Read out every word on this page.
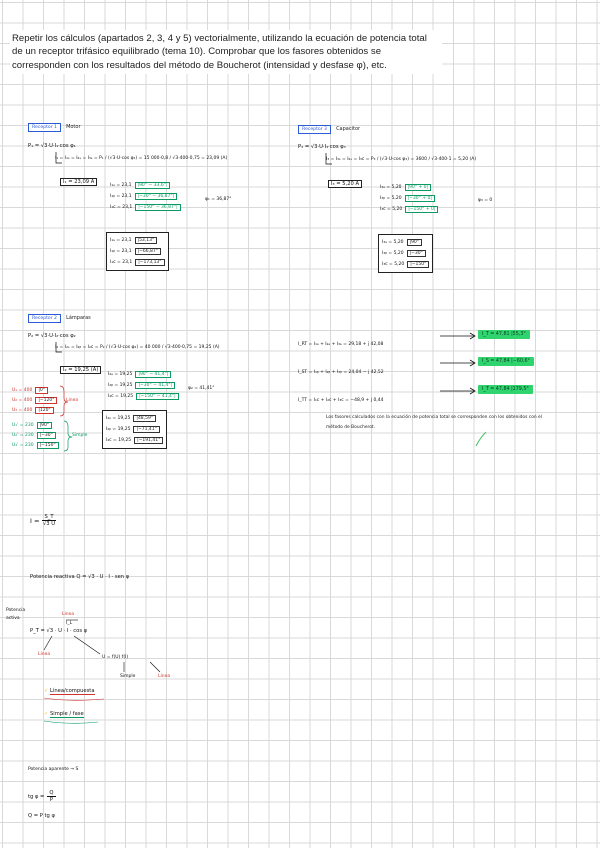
Repetir los cálculos (apartados 2, 3, 4 y 5) vectorialmente, utilizando la ecuación de potencia total de un receptor trifásico equilibrado (tema 10). Comprobar que los fasores obtenidos se corresponden con los resultados del método de Boucherot (intensidad y desfase φ), etc.
Receptor 1 Motor
P₁ = √3·U·I₁·cos φ₁
I₁ = I₁ₛ = I₂ₛ = I₃ₛ = P₁ / (√3·U·cos φ₁) = 15 000·0,8 / √3·400·0,75 = 23,09 (A)
I₁ = 23,09 A
I₁ₐ = 23,1	|90° − 33,6°|
I₁ᵦ = 23,1	|−30° − 36,87°|
I₁ᴄ = 23,1	|−150° − 36,87°|
φ₁ = 36,87°
I₁ₐ = 23,1	|53,13°
I₁ᵦ = 23,1	|−66,87°
I₁ᴄ = 23,1	|−173,13°
Receptor 3 Capacitor
P₃ = √3·U·I₃·cos φ₃
I₃ = I₃ₛ = I₂ₛ = I₃ᴄ = P₃ / (√3·U·cos φ₃) = 3600 / √3·400·1 = 5,20 (A)
I₃ = 5,20 A
I₃ₐ = 5,20	|90° + 0|
I₃ᵦ = 5,20	|−30° + 0|
I₃ᴄ = 5,20	|−150° + 0|
φ₃ = 0
I₃ₐ = 5,20	|90°
I₃ᵦ = 5,20	|−30°
I₃ᴄ = 5,20	|−150°
Receptor 2 Lámparas
P₂ = √3·U·I₂·cos φ₂
I₂ = I₂ₛ = I₂ᵦ = I₂ᴄ = P₂ / (√3·U·cos φ₂) = 40 000 / √3·400·0,75 = 19,25 (A)
I₂ = 19,25 (A)
I₂ₐ = 19,25	|90° − 41,4°|
I₂ᵦ = 19,25	|−30° − 41,4°|
I₂ᴄ = 19,25	|−150° − 41,4°|
φ₂ = 41,41°
I₂ₐ = 19,25	|48,59°
I₂ᵦ = 19,25	|−71,41°
I₂ᴄ = 19,25	|−191,41°
U₁ = 400	|0°
U₂ = 400	|−120°
U₃ = 400	|120°
Línea
U₁' = 230	|90°
U₂' = 230	|−30°
U₃' = 230	|−150°
Simple
I_RT = I₁ₐ + I₂ₐ + I₃ₐ = 29,18 + j 42,08
I_T = 47,81 |55,3°
I_ST = I₁ᵦ + I₂ᵦ + I₃ᵦ = 24,04 − j 42,52
I_S = 47,84 |−60,6°
I_TT = I₁ᴄ + I₂ᴄ + I₃ᴄ = −48,9 + j 0,44
I_T = 47,84 |179,5°
Los fasores calculados con la ecuación de potencia total se corresponden con los obtenidos con el método de Boucherot.
$I = \frac{S\_T}{√3 U}$
Potencia reactiva Q = √3 · U · I · sen φ
Potencia activa
Línea
I_L
P_T = √3 · U · I · cos φ
Línea
U = f(U) f(I)
Simple	Línea
✓ Línea/compuesta
✓ Simple / fase
Potencia aparente → S
tg $\varphi = \frac{Q}{P}$
Q = P tg φ
